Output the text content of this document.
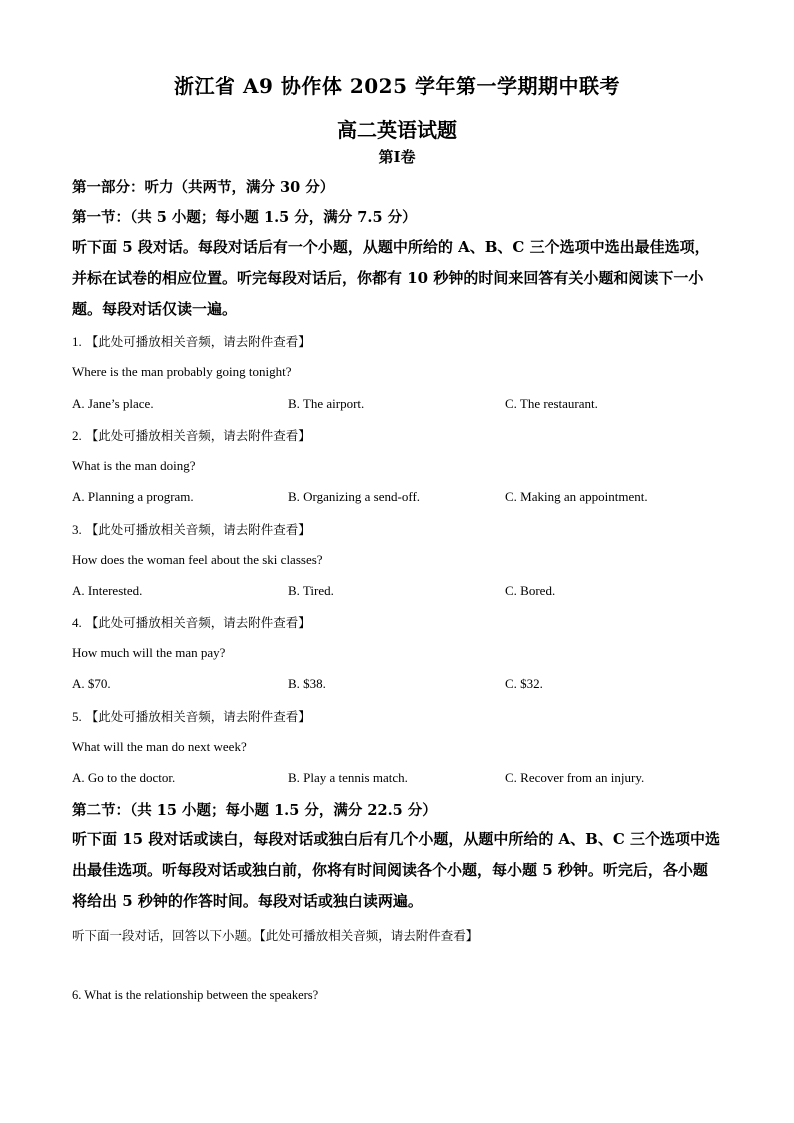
浙江省 A9 协作体 2025 学年第一学期期中联考
高二英语试题
第Ⅰ卷
第一部分：听力（共两节，满分 30 分）
第一节：（共 5 小题；每小题 1.5 分，满分 7.5 分）
听下面 5 段对话。每段对话后有一个小题，从题中所给的 A、B、C 三个选项中选出最佳选项，并标在试卷的相应位置。听完每段对话后，你都有 10 秒钟的时间来回答有关小题和阅读下一小题。每段对话仅读一遍。
1. 【此处可播放相关音频，请去附件查看】
Where is the man probably going tonight?
A. Jane’s place.	B. The airport.	C. The restaurant.
2. 【此处可播放相关音频，请去附件查看】
What is the man doing?
A. Planning a program.	B. Organizing a send-off.	C. Making an appointment.
3. 【此处可播放相关音频，请去附件查看】
How does the woman feel about the ski classes?
A. Interested.	B. Tired.	C. Bored.
4. 【此处可播放相关音频，请去附件查看】
How much will the man pay?
A. $70.	B. $38.	C. $32.
5. 【此处可播放相关音频，请去附件查看】
What will the man do next week?
A. Go to the doctor.	B. Play a tennis match.	C. Recover from an injury.
第二节：（共 15 小题；每小题 1.5 分，满分 22.5 分）
听下面 15 段对话或读白，每段对话或独白后有几个小题，从题中所给的 A、B、C 三个选项中选出最佳选项。听每段对话或独白前，你将有时间阅读各个小题，每小题 5 秒钟。听完后，各小题将给出 5 秒钟的作答时间。每段对话或独白读两遍。
听下面一段对话，回答以下小题。【此处可播放相关音频，请去附件查看】
6. What is the relationship between the speakers?
